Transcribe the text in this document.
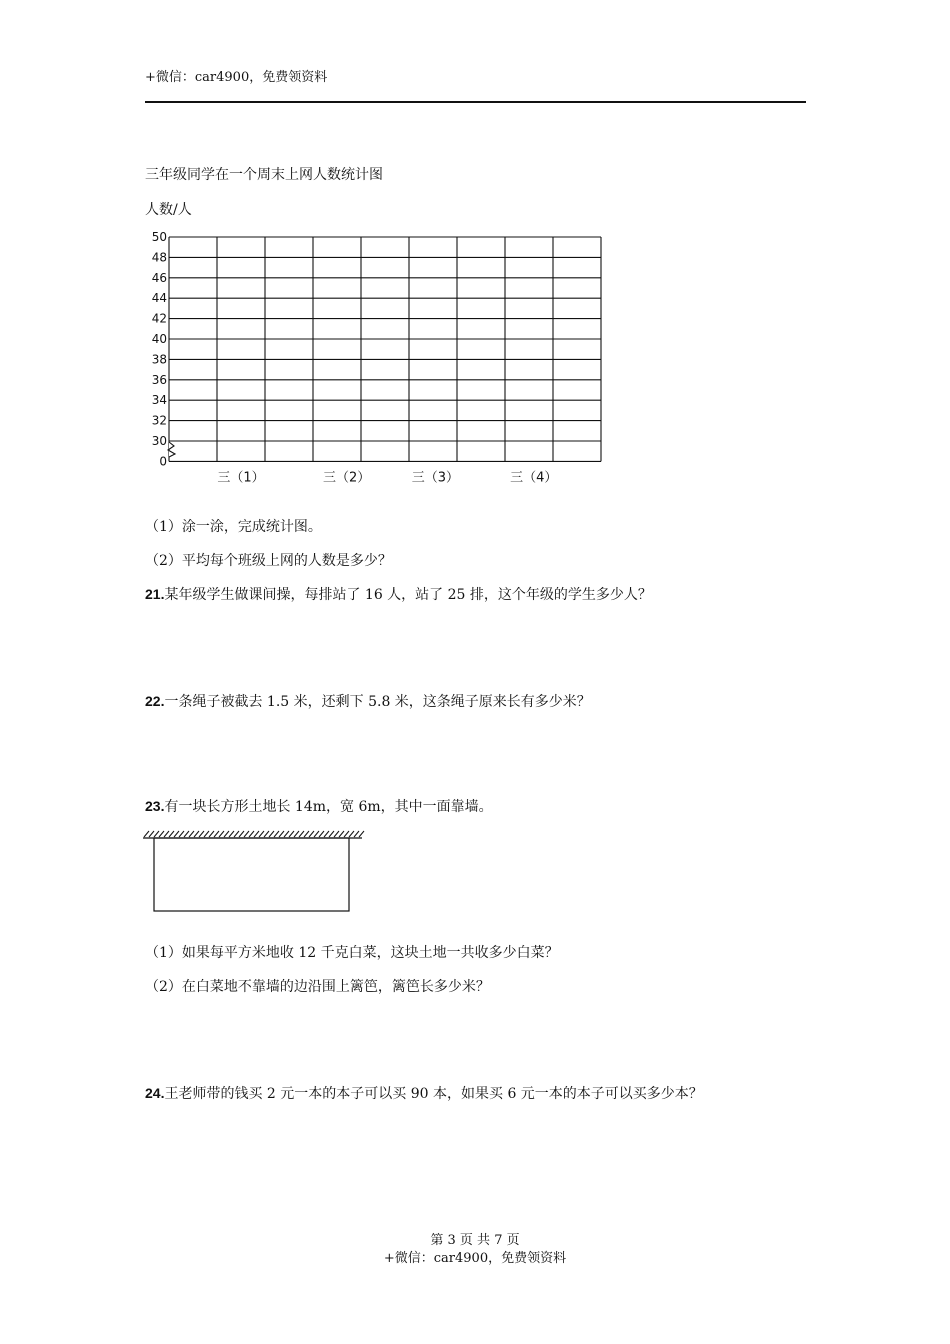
+微信：car4900，免费领资料
三年级同学在一个周末上网人数统计图
人数/人
0
30
32
34
36
38
40
42
44
46
48
50
三（1）	三（2）	三（3）	三（4）
（1）涂一涂，完成统计图。
（2）平均每个班级上网的人数是多少？
21.某年级学生做课间操，每排站了 16 人，站了 25 排，这个年级的学生多少人？
22.一条绳子被截去 1.5 米，还剩下 5.8 米，这条绳子原来长有多少米？
23.有一块长方形土地长 14m，宽 6m，其中一面靠墙。
（1）如果每平方米地收 12 千克白菜，这块土地一共收多少白菜？
（2）在白菜地不靠墙的边沿围上篱笆，篱笆长多少米？
24.王老师带的钱买 2 元一本的本子可以买 90 本，如果买 6 元一本的本子可以买多少本？
第 3 页 共 7 页
+微信：car4900，免费领资料
